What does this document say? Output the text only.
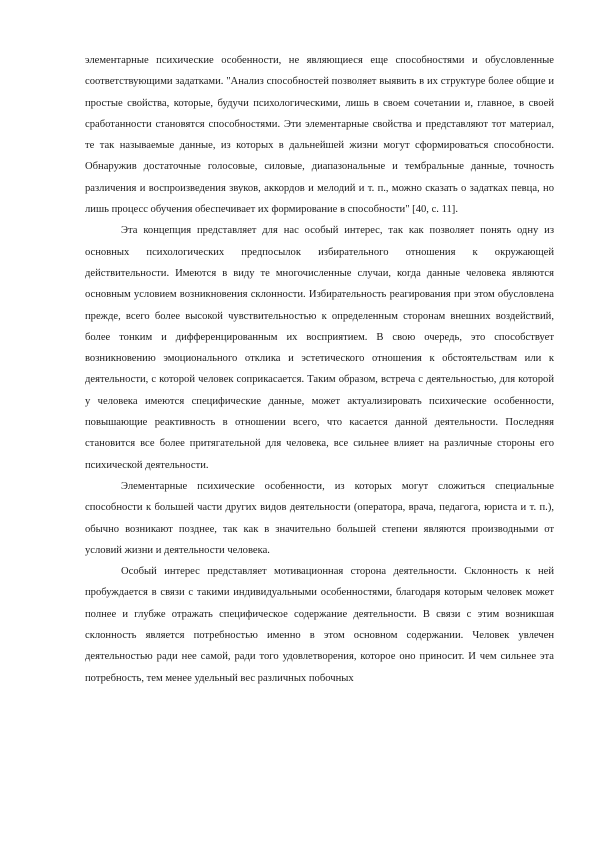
элементарные психические особенности, не являющиеся еще способностями и обусловленные соответствующими задатками. "Анализ способностей позволяет выявить в их структуре более общие и простые свойства, которые, будучи психологическими, лишь в своем сочетании и, главное, в своей сработанности становятся способностями. Эти элементарные свойства и представляют тот материал, те так называемые данные, из которых в дальнейшей жизни могут сформироваться способности. Обнаружив достаточные голосовые, силовые, диапазональные и тембральные данные, точность различения и воспроизведения звуков, аккордов и мелодий и т. п., можно сказать о задатках певца, но лишь процесс обучения обеспечивает их формирование в способности" [40, с. 11].

Эта концепция представляет для нас особый интерес, так как позволяет понять одну из основных психологических предпосылок избирательного отношения к окружающей действительности. Имеются в виду те многочисленные случаи, когда данные человека являются основным условием возникновения склонности. Избирательность реагирования при этом обусловлена прежде, всего более высокой чувствительностью к определенным сторонам внешних воздействий, более тонким и дифференцированным их восприятием. В свою очередь, это способствует возникновению эмоционального отклика и эстетического отношения к обстоятельствам или к деятельности, с которой человек соприкасается. Таким образом, встреча с деятельностью, для которой у человека имеются специфические данные, может актуализировать психические особенности, повышающие реактивность в отношении всего, что касается данной деятельности. Последняя становится все более притягательной для человека, все сильнее влияет на различные стороны его психической деятельности.

Элементарные психические особенности, из которых могут сложиться специальные способности к большей части других видов деятельности (оператора, врача, педагога, юриста и т. п.), обычно возникают позднее, так как в значительно большей степени являются производными от условий жизни и деятельности человека.

Особый интерес представляет мотивационная сторона деятельности. Склонность к ней пробуждается в связи с такими индивидуальными особенностями, благодаря которым человек может полнее и глубже отражать специфическое содержание деятельности. В связи с этим возникшая склонность является потребностью именно в этом основном содержании. Человек увлечен деятельностью ради нее самой, ради того удовлетворения, которое оно приносит. И чем сильнее эта потребность, тем менее удельный вес различных побочных
